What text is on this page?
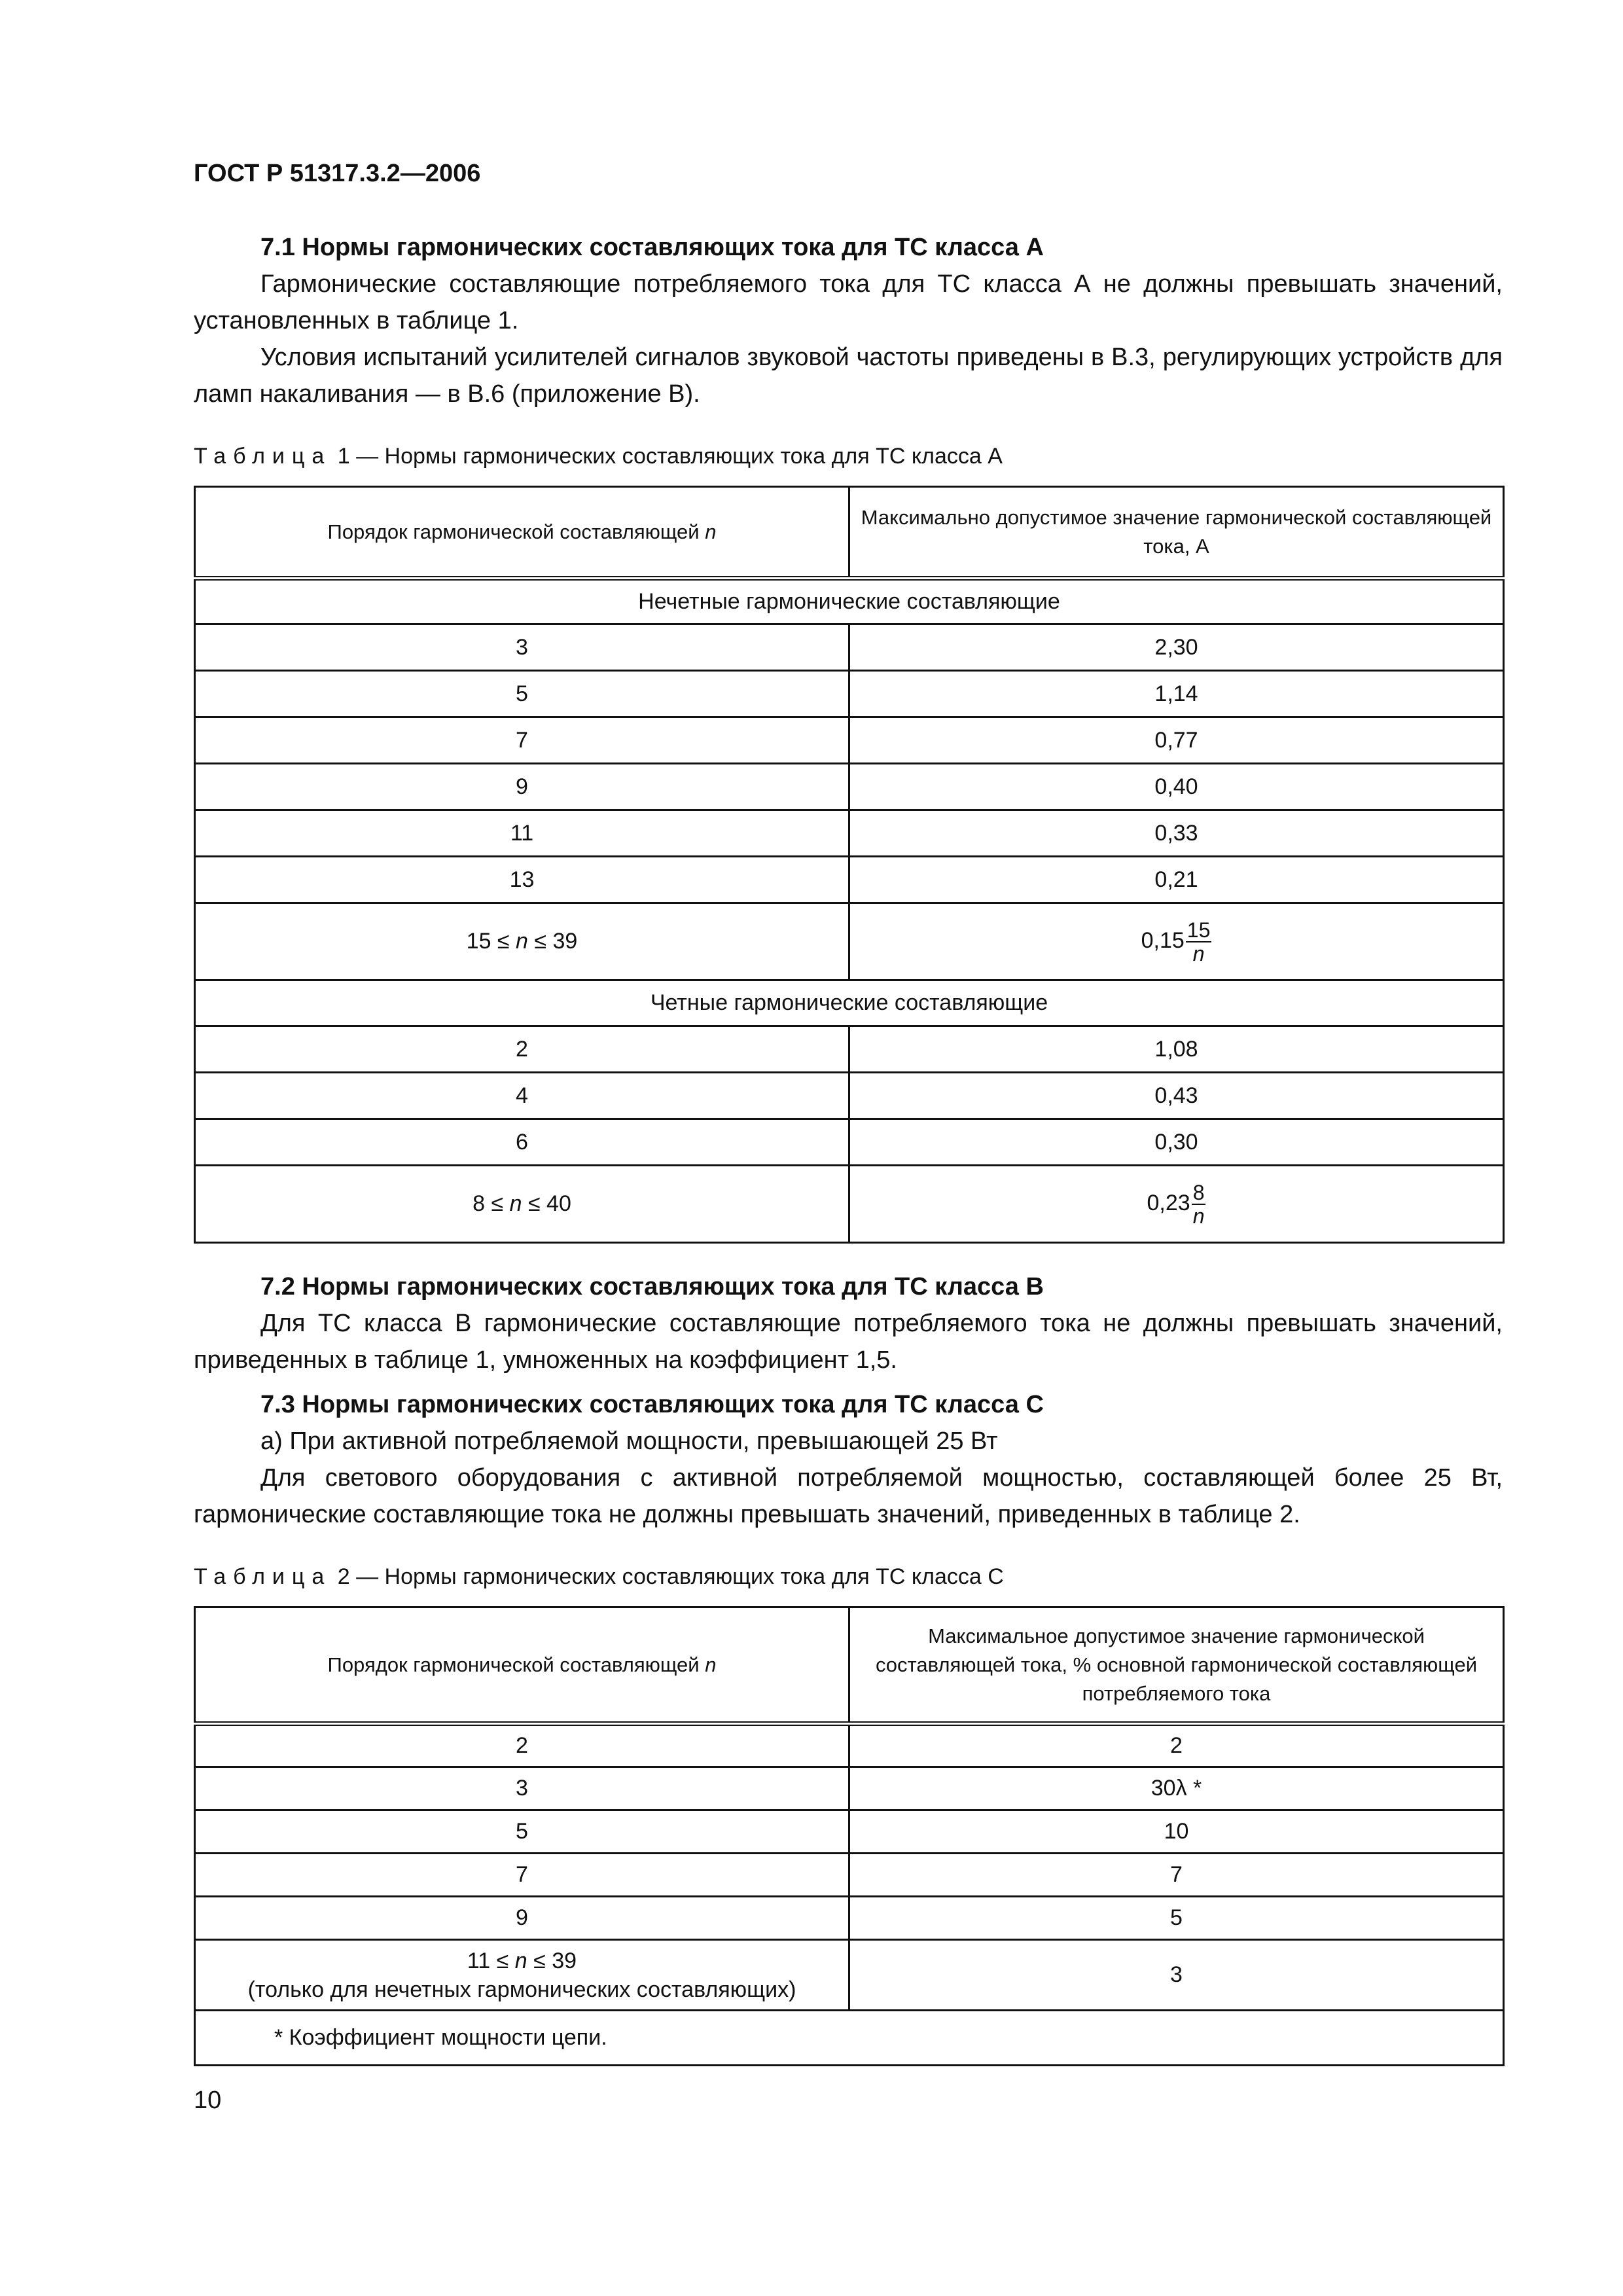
ГОСТ Р 51317.3.2—2006

7.1 Нормы гармонических составляющих тока для ТС класса А

Гармонические составляющие потребляемого тока для ТС класса А не должны превышать значений, установленных в таблице 1.

Условия испытаний усилителей сигналов звуковой частоты приведены в В.3, регулирующих устройств для ламп накаливания — в В.6 (приложение В).

Таблица 1 — Нормы гармонических составляющих тока для ТС класса А

Порядок гармонической составляющей n	Максимально допустимое значение гармонической составляющей тока, А
Нечетные гармонические составляющие	
3	2,30
5	1,14
7	0,77
9	0,40
11	0,33
13	0,21
15 ≤ n ≤ 39	$0,15 \frac{15}{n}$

Четные гармонические составляющие	
2	1,08
4	0,43
6	0,30
8 ≤ n ≤ 40	$0,23 \frac{8}{n}$

7.2 Нормы гармонических составляющих тока для ТС класса В

Для ТС класса В гармонические составляющие потребляемого тока не должны превышать значений, приведенных в таблице 1, умноженных на коэффициент 1,5.

7.3 Нормы гармонических составляющих тока для ТС класса С

а) При активной потребляемой мощности, превышающей 25 Вт

Для светового оборудования с активной потребляемой мощностью, составляющей более 25 Вт, гармонические составляющие тока не должны превышать значений, приведенных в таблице 2.

Таблица 2 — Нормы гармонических составляющих тока для ТС класса С

Порядок гармонической составляющей n	Максимальное допустимое значение гармонической составляющей тока, % основной гармонической составляющей потребляемого тока
2	2
3	30λ *
5	10
7	7
9	5
11 ≤ n ≤ 39
(только для нечетных гармонических составляющих)	3
* Коэффициент мощности цепи.	
10
